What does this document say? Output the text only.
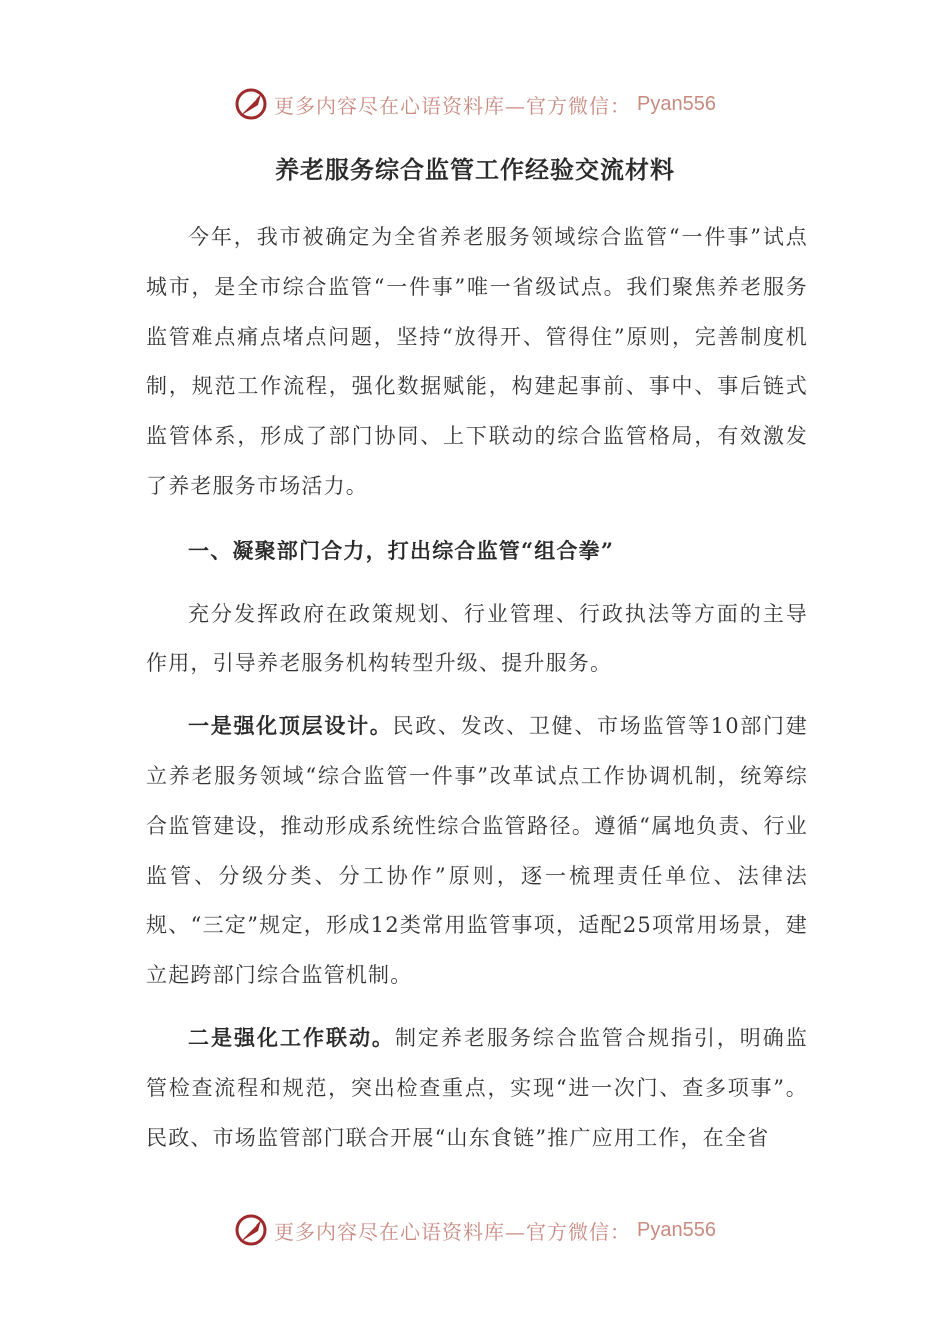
更多内容尽在心语资料库—官方微信： Pyan556
养老服务综合监管工作经验交流材料

今年，我市被确定为全省养老服务领域综合监管“一件事”试点城市，是全市综合监管“一件事”唯一省级试点。我们聚焦养老服务监管难点痛点堵点问题，坚持“放得开、管得住”原则，完善制度机制，规范工作流程，强化数据赋能，构建起事前、事中、事后链式监管体系，形成了部门协同、上下联动的综合监管格局，有效激发了养老服务市场活力。

一、凝聚部门合力，打出综合监管“组合拳”

充分发挥政府在政策规划、行业管理、行政执法等方面的主导作用，引导养老服务机构转型升级、提升服务。

一是强化顶层设计。民政、发改、卫健、市场监管等10部门建立养老服务领域“综合监管一件事”改革试点工作协调机制，统筹综合监管建设，推动形成系统性综合监管路径。遵循“属地负责、行业监管、分级分类、分工协作”原则，逐一梳理责任单位、法律法规、“三定”规定，形成12类常用监管事项，适配25项常用场景，建立起跨部门综合监管机制。

二是强化工作联动。制定养老服务综合监管合规指引，明确监管检查流程和规范，突出检查重点，实现“进一次门、查多项事”。民政、市场监管部门联合开展“山东食链”推广应用工作，在全省

更多内容尽在心语资料库—官方微信： Pyan556
